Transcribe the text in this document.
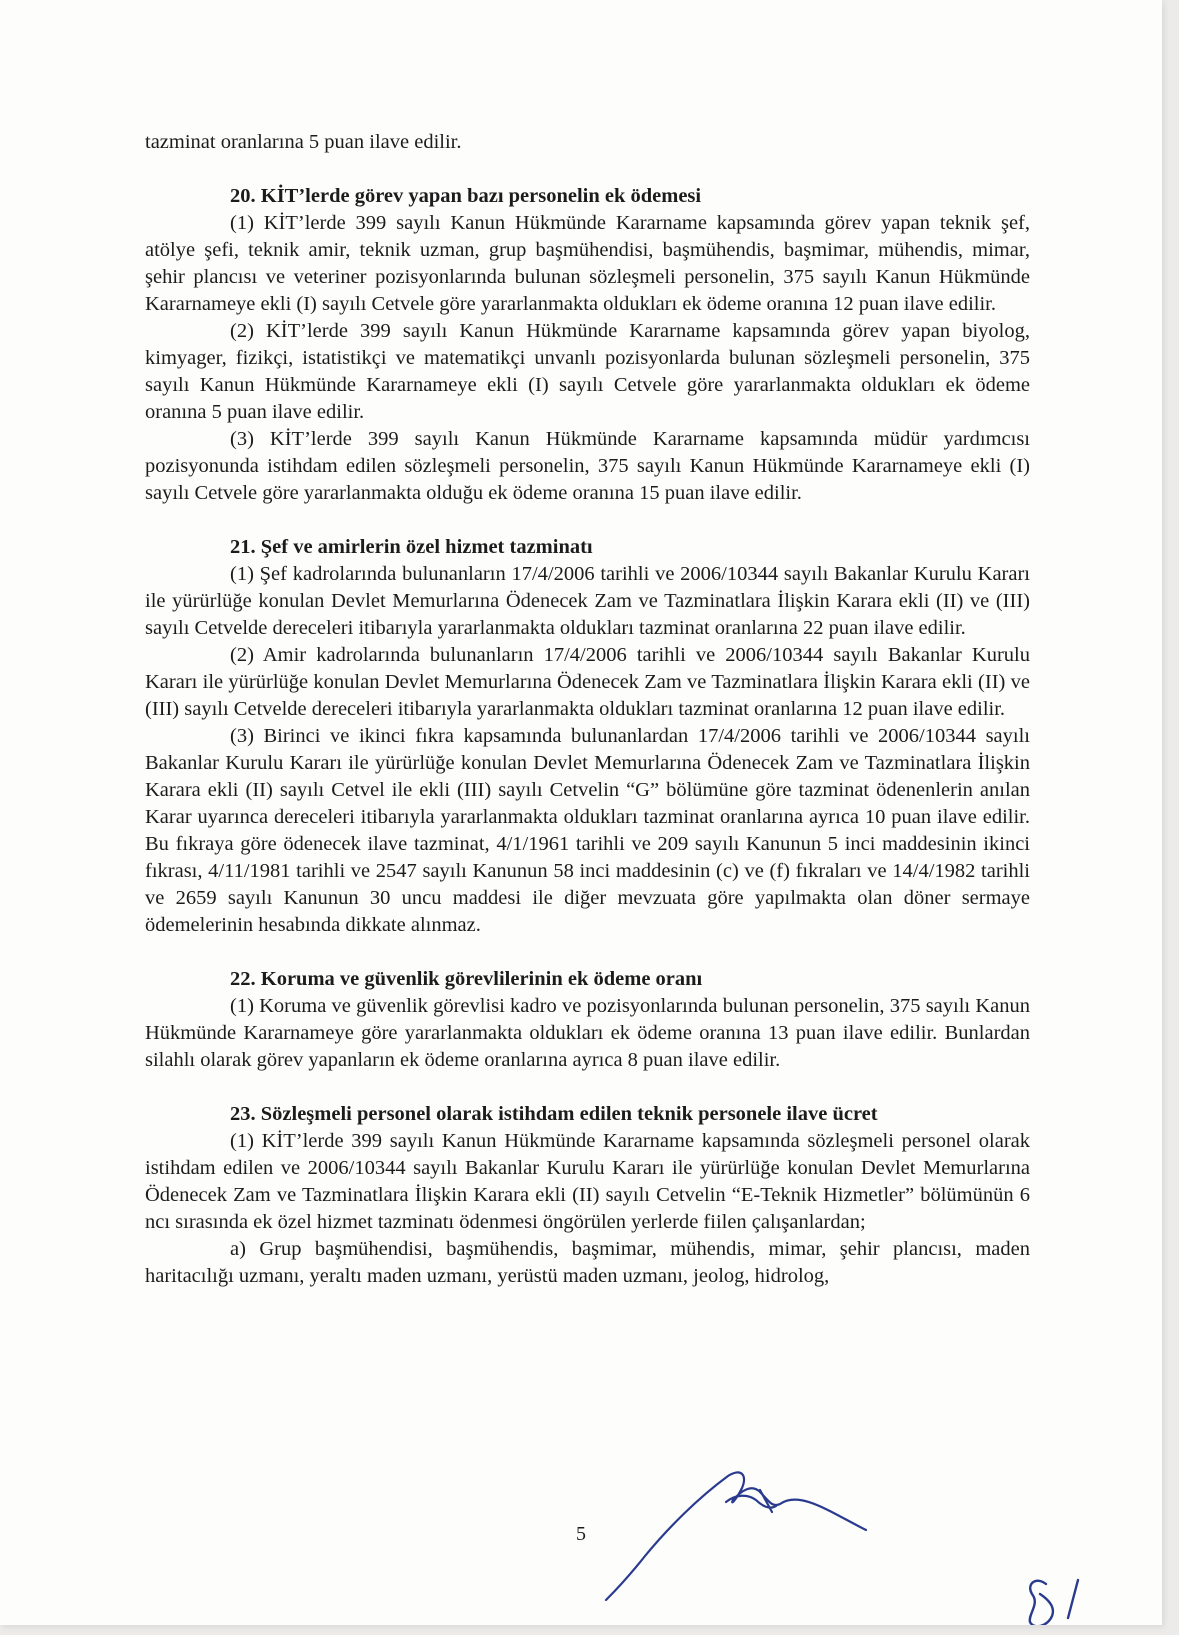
tazminat oranlarına 5 puan ilave edilir.

20. KİT’lerde görev yapan bazı personelin ek ödemesi

(1) KİT’lerde 399 sayılı Kanun Hükmünde Kararname kapsamında görev yapan teknik şef, atölye şefi, teknik amir, teknik uzman, grup başmühendisi, başmühendis, başmimar, mühendis, mimar, şehir plancısı ve veteriner pozisyonlarında bulunan sözleşmeli personelin, 375 sayılı Kanun Hükmünde Kararnameye ekli (I) sayılı Cetvele göre yararlanmakta oldukları ek ödeme oranına 12 puan ilave edilir.

(2) KİT’lerde 399 sayılı Kanun Hükmünde Kararname kapsamında görev yapan biyolog, kimyager, fizikçi, istatistikçi ve matematikçi unvanlı pozisyonlarda bulunan sözleşmeli personelin, 375 sayılı Kanun Hükmünde Kararnameye ekli (I) sayılı Cetvele göre yararlanmakta oldukları ek ödeme oranına 5 puan ilave edilir.

(3) KİT’lerde 399 sayılı Kanun Hükmünde Kararname kapsamında müdür yardımcısı pozisyonunda istihdam edilen sözleşmeli personelin, 375 sayılı Kanun Hükmünde Kararnameye ekli (I) sayılı Cetvele göre yararlanmakta olduğu ek ödeme oranına 15 puan ilave edilir.

21. Şef ve amirlerin özel hizmet tazminatı

(1) Şef kadrolarında bulunanların 17/4/2006 tarihli ve 2006/10344 sayılı Bakanlar Kurulu Kararı ile yürürlüğe konulan Devlet Memurlarına Ödenecek Zam ve Tazminatlara İlişkin Karara ekli (II) ve (III) sayılı Cetvelde dereceleri itibarıyla yararlanmakta oldukları tazminat oranlarına 22 puan ilave edilir.

(2) Amir kadrolarında bulunanların 17/4/2006 tarihli ve 2006/10344 sayılı Bakanlar Kurulu Kararı ile yürürlüğe konulan Devlet Memurlarına Ödenecek Zam ve Tazminatlara İlişkin Karara ekli (II) ve (III) sayılı Cetvelde dereceleri itibarıyla yararlanmakta oldukları tazminat oranlarına 12 puan ilave edilir.

(3) Birinci ve ikinci fıkra kapsamında bulunanlardan 17/4/2006 tarihli ve 2006/10344 sayılı Bakanlar Kurulu Kararı ile yürürlüğe konulan Devlet Memurlarına Ödenecek Zam ve Tazminatlara İlişkin Karara ekli (II) sayılı Cetvel ile ekli (III) sayılı Cetvelin “G” bölümüne göre tazminat ödenenlerin anılan Karar uyarınca dereceleri itibarıyla yararlanmakta oldukları tazminat oranlarına ayrıca 10 puan ilave edilir. Bu fıkraya göre ödenecek ilave tazminat, 4/1/1961 tarihli ve 209 sayılı Kanunun 5 inci maddesinin ikinci fıkrası, 4/11/1981 tarihli ve 2547 sayılı Kanunun 58 inci maddesinin (c) ve (f) fıkraları ve 14/4/1982 tarihli ve 2659 sayılı Kanunun 30 uncu maddesi ile diğer mevzuata göre yapılmakta olan döner sermaye ödemelerinin hesabında dikkate alınmaz.

22. Koruma ve güvenlik görevlilerinin ek ödeme oranı

(1) Koruma ve güvenlik görevlisi kadro ve pozisyonlarında bulunan personelin, 375 sayılı Kanun Hükmünde Kararnameye göre yararlanmakta oldukları ek ödeme oranına 13 puan ilave edilir. Bunlardan silahlı olarak görev yapanların ek ödeme oranlarına ayrıca 8 puan ilave edilir.

23. Sözleşmeli personel olarak istihdam edilen teknik personele ilave ücret

(1) KİT’lerde 399 sayılı Kanun Hükmünde Kararname kapsamında sözleşmeli personel olarak istihdam edilen ve 2006/10344 sayılı Bakanlar Kurulu Kararı ile yürürlüğe konulan Devlet Memurlarına Ödenecek Zam ve Tazminatlara İlişkin Karara ekli (II) sayılı Cetvelin “E-Teknik Hizmetler” bölümünün 6 ncı sırasında ek özel hizmet tazminatı ödenmesi öngörülen yerlerde fiilen çalışanlardan;

a) Grup başmühendisi, başmühendis, başmimar, mühendis, mimar, şehir plancısı, maden haritacılığı uzmanı, yeraltı maden uzmanı, yerüstü maden uzmanı, jeolog, hidrolog,

5
